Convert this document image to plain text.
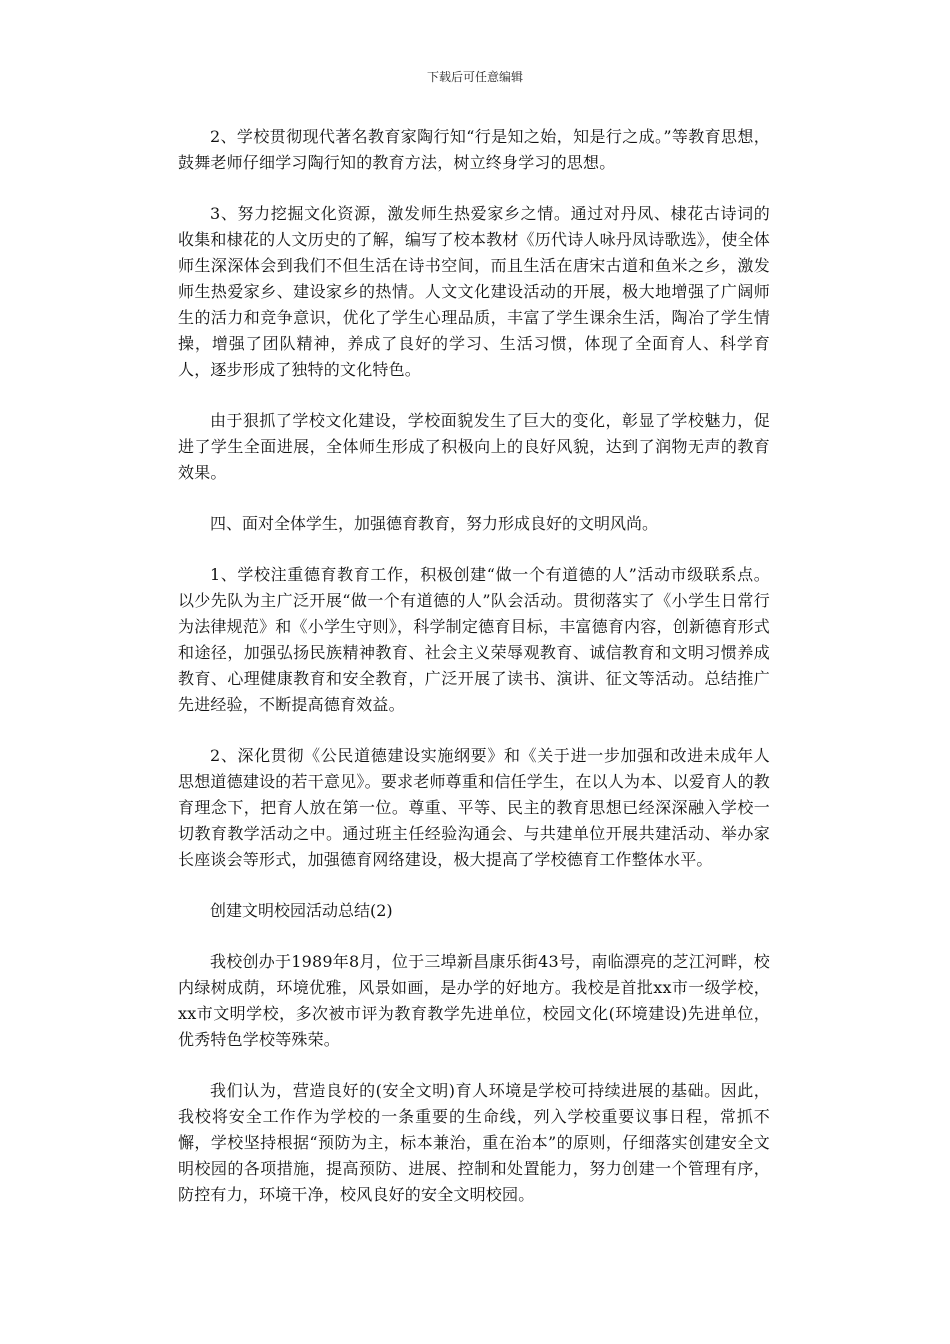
下载后可任意编辑

2、学校贯彻现代著名教育家陶行知“行是知之始，知是行之成。”等教育思想，鼓舞老师仔细学习陶行知的教育方法，树立终身学习的思想。

3、努力挖掘文化资源，激发师生热爱家乡之情。通过对丹凤、棣花古诗词的收集和棣花的人文历史的了解，编写了校本教材《历代诗人咏丹凤诗歌选》，使全体师生深深体会到我们不但生活在诗书空间，而且生活在唐宋古道和鱼米之乡，激发师生热爱家乡、建设家乡的热情。人文文化建设活动的开展，极大地增强了广阔师生的活力和竞争意识，优化了学生心理品质，丰富了学生课余生活，陶冶了学生情操，增强了团队精神，养成了良好的学习、生活习惯，体现了全面育人、科学育人，逐步形成了独特的文化特色。

由于狠抓了学校文化建设，学校面貌发生了巨大的变化，彰显了学校魅力，促进了学生全面进展，全体师生形成了积极向上的良好风貌，达到了润物无声的教育效果。

四、面对全体学生，加强德育教育，努力形成良好的文明风尚。

1、学校注重德育教育工作，积极创建“做一个有道德的人”活动市级联系点。以少先队为主广泛开展“做一个有道德的人”队会活动。贯彻落实了《小学生日常行为法律规范》和《小学生守则》，科学制定德育目标，丰富德育内容，创新德育形式和途径，加强弘扬民族精神教育、社会主义荣辱观教育、诚信教育和文明习惯养成教育、心理健康教育和安全教育，广泛开展了读书、演讲、征文等活动。总结推广先进经验，不断提高德育效益。

2、深化贯彻《公民道德建设实施纲要》和《关于进一步加强和改进未成年人思想道德建设的若干意见》。要求老师尊重和信任学生，在以人为本、以爱育人的教育理念下，把育人放在第一位。尊重、平等、民主的教育思想已经深深融入学校一切教育教学活动之中。通过班主任经验沟通会、与共建单位开展共建活动、举办家长座谈会等形式，加强德育网络建设，极大提高了学校德育工作整体水平。

创建文明校园活动总结(2)

我校创办于1989年8月，位于三埠新昌康乐街43号，南临漂亮的芝江河畔，校内绿树成荫，环境优雅，风景如画，是办学的好地方。我校是首批xx市一级学校，xx市文明学校，多次被市评为教育教学先进单位，校园文化(环境建设)先进单位，优秀特色学校等殊荣。

我们认为，营造良好的(安全文明)育人环境是学校可持续进展的基础。因此，我校将安全工作作为学校的一条重要的生命线，列入学校重要议事日程，常抓不懈，学校坚持根据“预防为主，标本兼治，重在治本”的原则，仔细落实创建安全文明校园的各项措施，提高预防、进展、控制和处置能力，努力创建一个管理有序，防控有力，环境干净，校风良好的安全文明校园。
